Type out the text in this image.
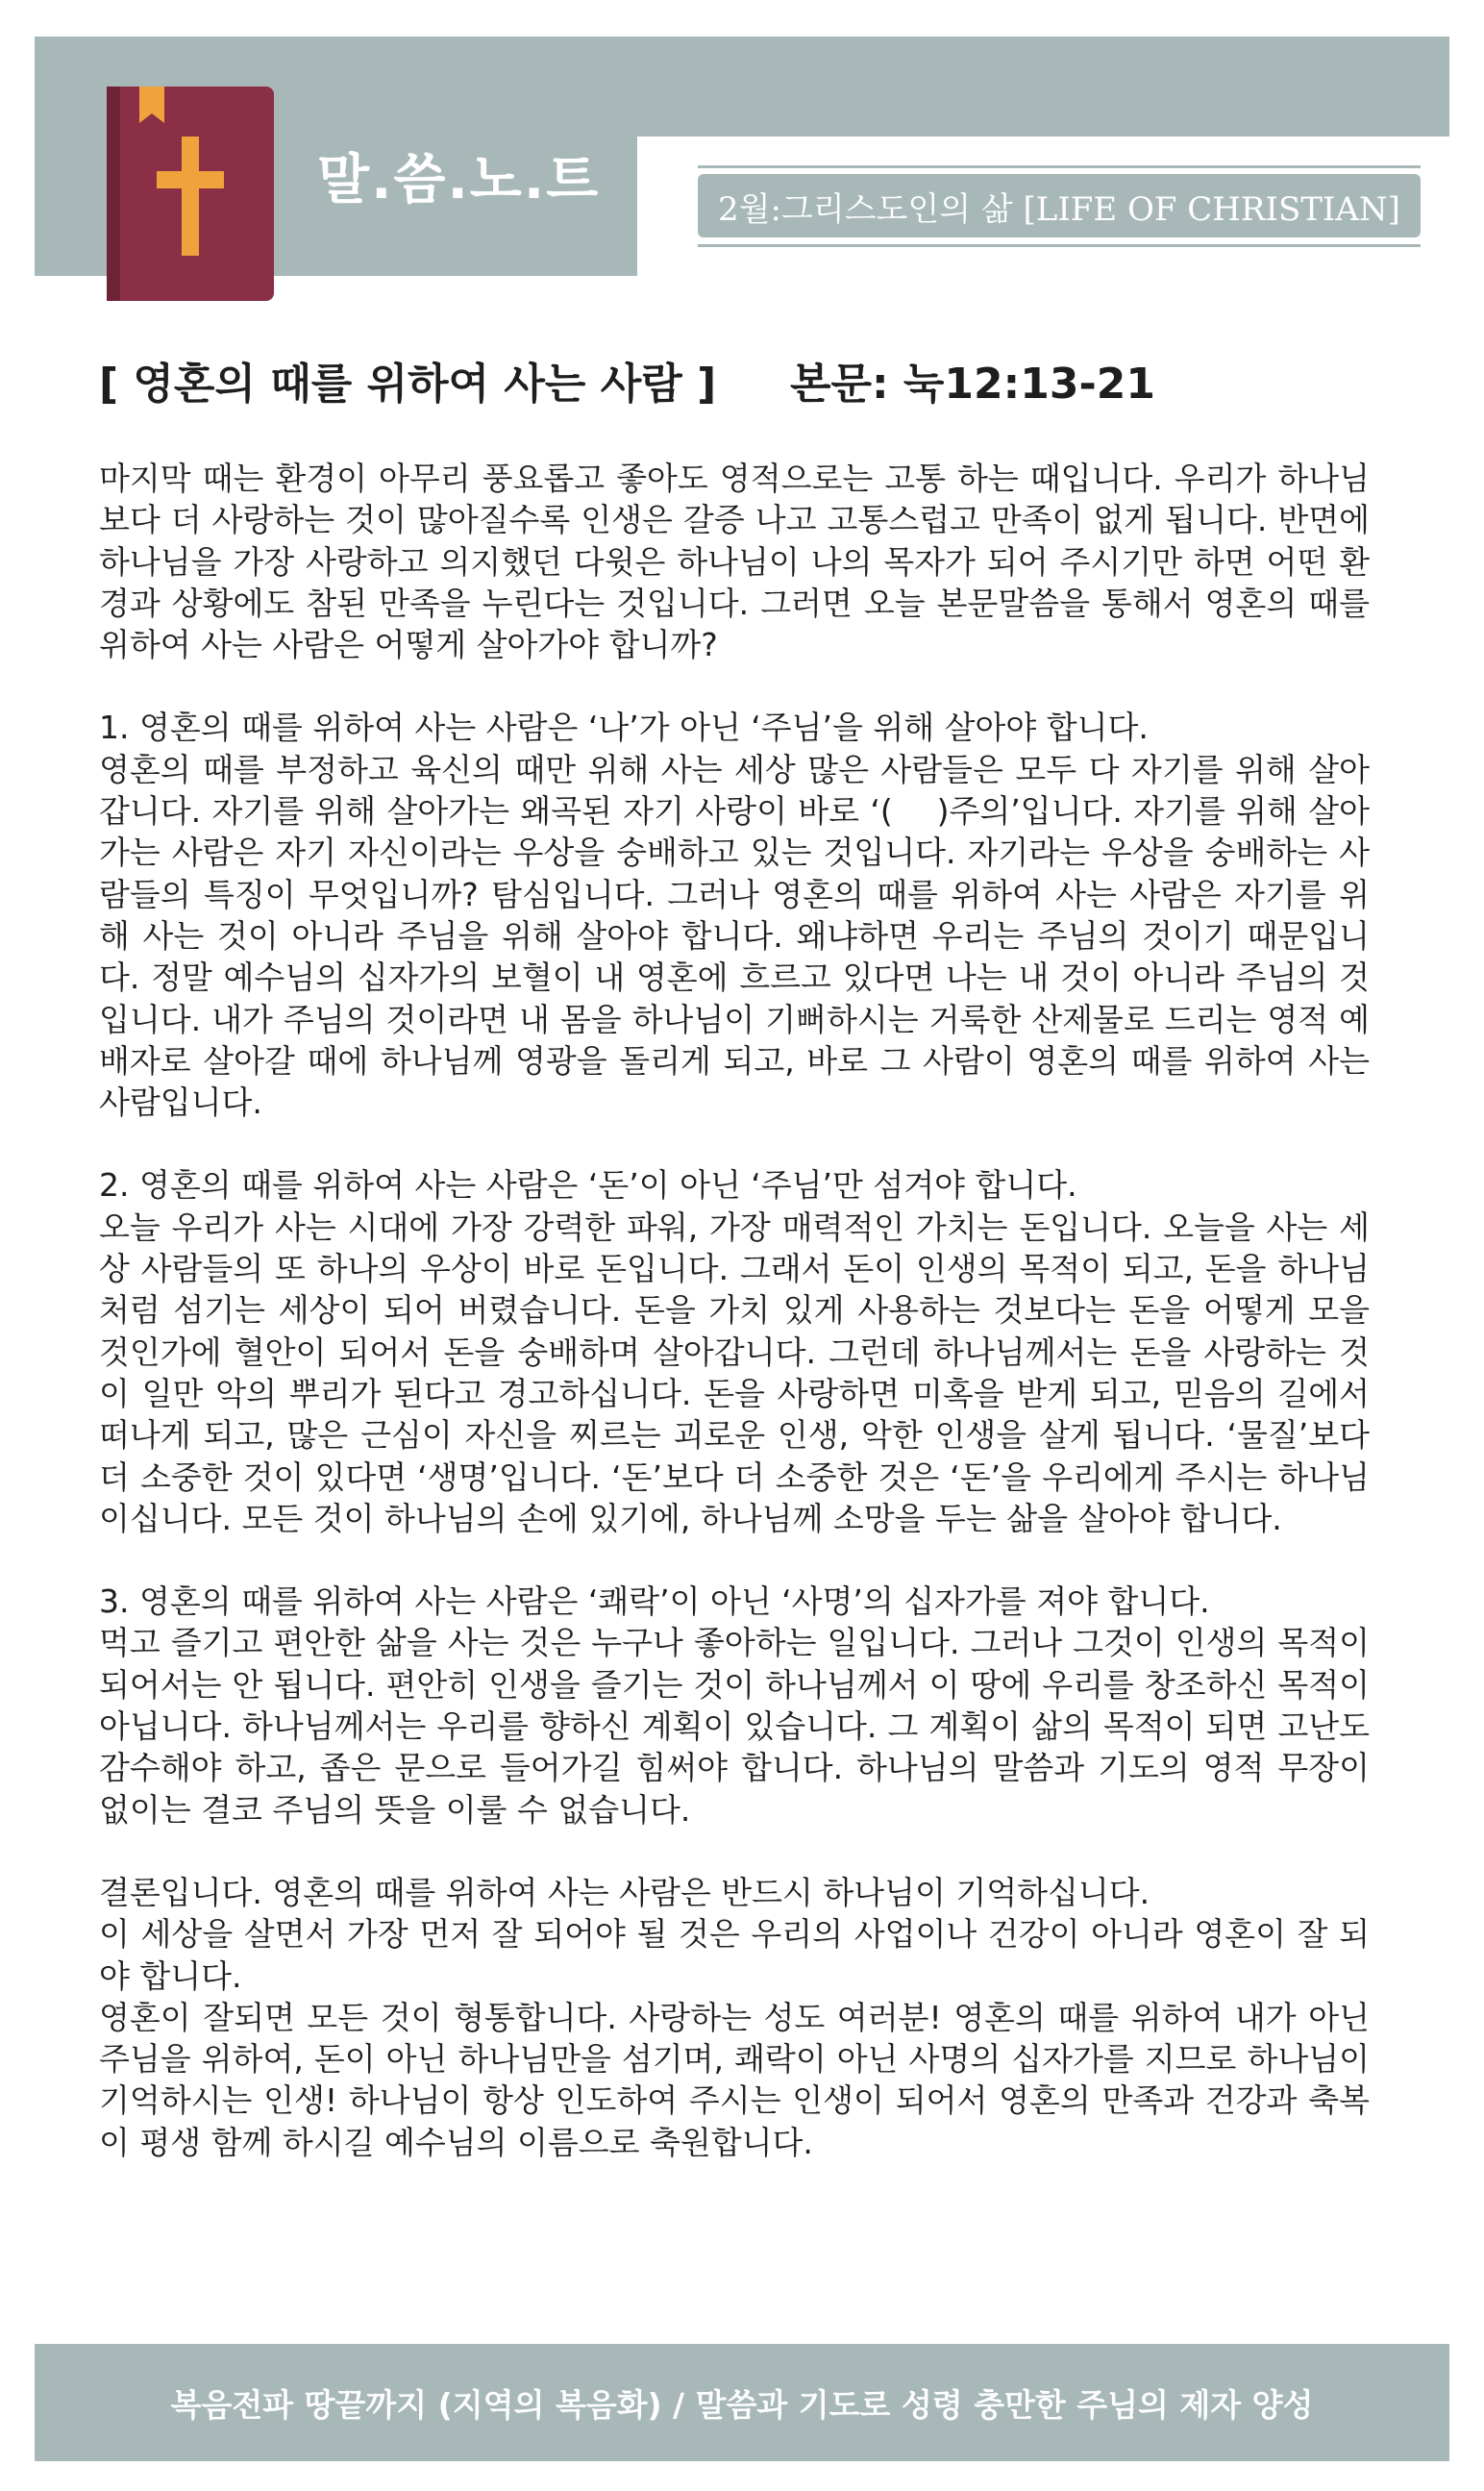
말.씀.노.트	2월:그리스도인의 삶 [LIFE OF CHRISTIAN]
[ 영혼의 때를 위하여 사는 사람 ] 본문: 눅12:13-21

마지막 때는 환경이 아무리 풍요롭고 좋아도 영적으로는 고통 하는 때입니다. 우리가 하나님보다 더 사랑하는 것이 많아질수록 인생은 갈증 나고 고통스럽고 만족이 없게 됩니다. 반면에 하나님을 가장 사랑하고 의지했던 다윗은 하나님이 나의 목자가 되어 주시기만 하면 어떤 환경과 상황에도 참된 만족을 누린다는 것입니다. 그러면 오늘 본문말씀을 통해서 영혼의 때를 위하여 사는 사람은 어떻게 살아가야 합니까?

1. 영혼의 때를 위하여 사는 사람은 ‘나’가 아닌 ‘주님’을 위해 살아야 합니다.

영혼의 때를 부정하고 육신의 때만 위해 사는 세상 많은 사람들은 모두 다 자기를 위해 살아갑니다. 자기를 위해 살아가는 왜곡된 자기 사랑이 바로 ‘(　 )주의’입니다. 자기를 위해 살아가는 사람은 자기 자신이라는 우상을 숭배하고 있는 것입니다. 자기라는 우상을 숭배하는 사람들의 특징이 무엇입니까? 탐심입니다. 그러나 영혼의 때를 위하여 사는 사람은 자기를 위해 사는 것이 아니라 주님을 위해 살아야 합니다. 왜냐하면 우리는 주님의 것이기 때문입니다. 정말 예수님의 십자가의 보혈이 내 영혼에 흐르고 있다면 나는 내 것이 아니라 주님의 것입니다. 내가 주님의 것이라면 내 몸을 하나님이 기뻐하시는 거룩한 산제물로 드리는 영적 예배자로 살아갈 때에 하나님께 영광을 돌리게 되고, 바로 그 사람이 영혼의 때를 위하여 사는 사람입니다.

2. 영혼의 때를 위하여 사는 사람은 ‘돈’이 아닌 ‘주님’만 섬겨야 합니다.

오늘 우리가 사는 시대에 가장 강력한 파워, 가장 매력적인 가치는 돈입니다. 오늘을 사는 세상 사람들의 또 하나의 우상이 바로 돈입니다. 그래서 돈이 인생의 목적이 되고, 돈을 하나님처럼 섬기는 세상이 되어 버렸습니다. 돈을 가치 있게 사용하는 것보다는 돈을 어떻게 모을 것인가에 혈안이 되어서 돈을 숭배하며 살아갑니다. 그런데 하나님께서는 돈을 사랑하는 것이 일만 악의 뿌리가 된다고 경고하십니다. 돈을 사랑하면 미혹을 받게 되고, 믿음의 길에서 떠나게 되고, 많은 근심이 자신을 찌르는 괴로운 인생, 악한 인생을 살게 됩니다. ‘물질’보다 더 소중한 것이 있다면 ‘생명’입니다. ‘돈’보다 더 소중한 것은 ‘돈’을 우리에게 주시는 하나님이십니다. 모든 것이 하나님의 손에 있기에, 하나님께 소망을 두는 삶을 살아야 합니다.

3. 영혼의 때를 위하여 사는 사람은 ‘쾌락’이 아닌 ‘사명’의 십자가를 져야 합니다.

먹고 즐기고 편안한 삶을 사는 것은 누구나 좋아하는 일입니다. 그러나 그것이 인생의 목적이 되어서는 안 됩니다. 편안히 인생을 즐기는 것이 하나님께서 이 땅에 우리를 창조하신 목적이 아닙니다. 하나님께서는 우리를 향하신 계획이 있습니다. 그 계획이 삶의 목적이 되면 고난도 감수해야 하고, 좁은 문으로 들어가길 힘써야 합니다. 하나님의 말씀과 기도의 영적 무장이 없이는 결코 주님의 뜻을 이룰 수 없습니다.

결론입니다. 영혼의 때를 위하여 사는 사람은 반드시 하나님이 기억하십니다.

이 세상을 살면서 가장 먼저 잘 되어야 될 것은 우리의 사업이나 건강이 아니라 영혼이 잘 되야 합니다.

영혼이 잘되면 모든 것이 형통합니다. 사랑하는 성도 여러분! 영혼의 때를 위하여 내가 아닌 주님을 위하여, 돈이 아닌 하나님만을 섬기며, 쾌락이 아닌 사명의 십자가를 지므로 하나님이 기억하시는 인생! 하나님이 항상 인도하여 주시는 인생이 되어서 영혼의 만족과 건강과 축복이 평생 함께 하시길 예수님의 이름으로 축원합니다.

복음전파 땅끝까지 (지역의 복음화) / 말씀과 기도로 성령 충만한 주님의 제자 양성
